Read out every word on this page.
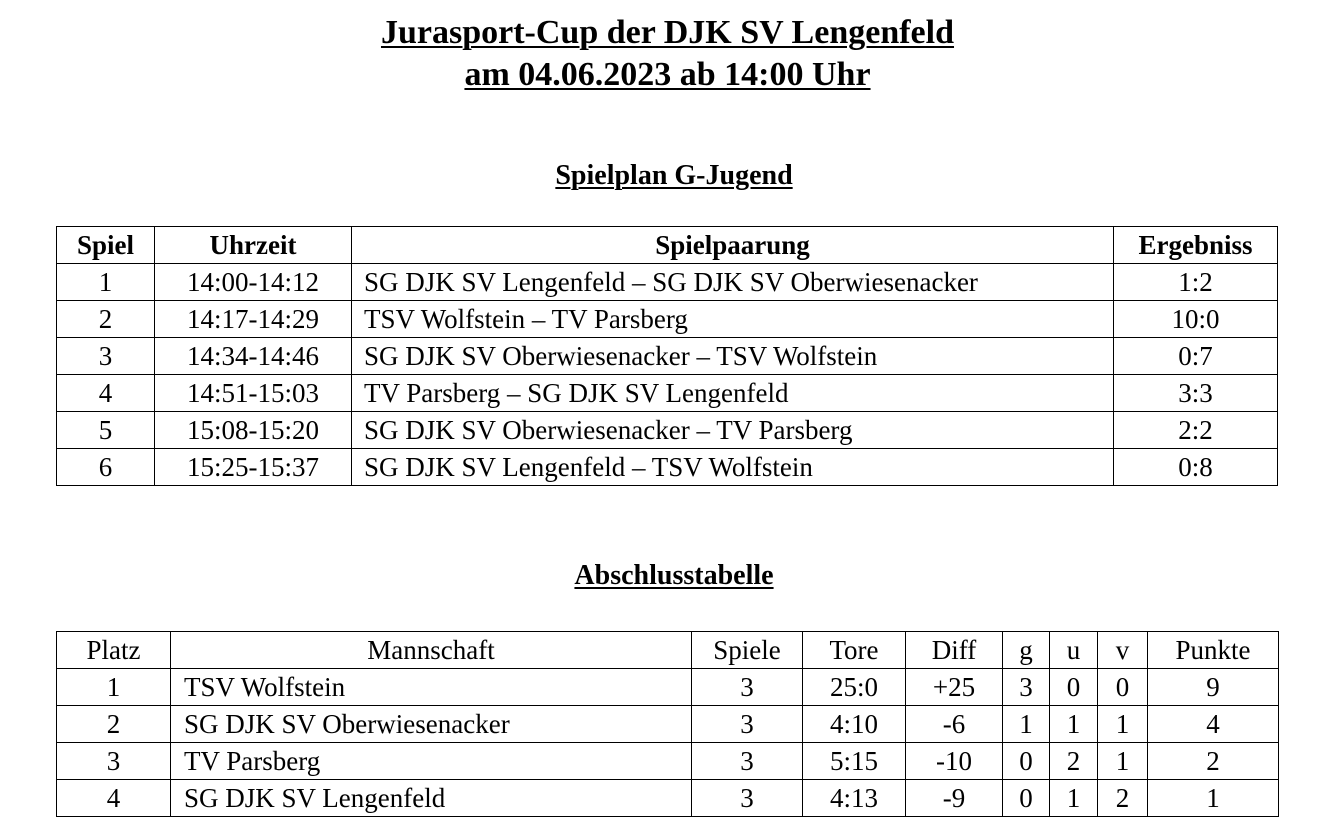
Jurasport-Cup der DJK SV Lengenfeld
am 04.06.2023 ab 14:00 Uhr
Spielplan G-Jugend
Spiel	Uhrzeit	Spielpaarung	Ergebniss
1	14:00-14:12	SG DJK SV Lengenfeld – SG DJK SV Oberwiesenacker	1:2
2	14:17-14:29	TSV Wolfstein – TV Parsberg	10:0
3	14:34-14:46	SG DJK SV Oberwiesenacker – TSV Wolfstein	0:7
4	14:51-15:03	TV Parsberg – SG DJK SV Lengenfeld	3:3
5	15:08-15:20	SG DJK SV Oberwiesenacker – TV Parsberg	2:2
6	15:25-15:37	SG DJK SV Lengenfeld – TSV Wolfstein	0:8
Abschlusstabelle
Platz	Mannschaft	Spiele	Tore	Diff	g	u	v	Punkte
1	TSV Wolfstein	3	25:0	+25	3	0	0	9
2	SG DJK SV Oberwiesenacker	3	4:10	-6	1	1	1	4
3	TV Parsberg	3	5:15	-10	0	2	1	2
4	SG DJK SV Lengenfeld	3	4:13	-9	0	1	2	1
